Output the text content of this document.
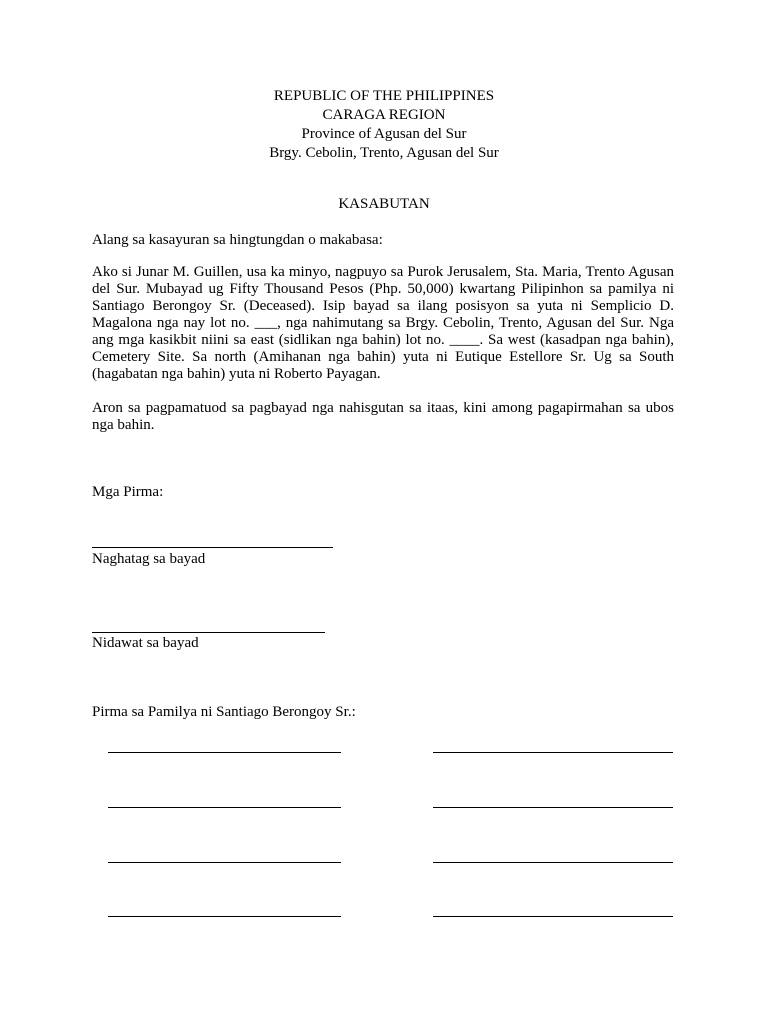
REPUBLIC OF THE PHILIPPINES
CARAGA REGION
Province of Agusan del Sur
Brgy. Cebolin, Trento, Agusan del Sur
KASABUTAN
Alang sa kasayuran sa hingtungdan o makabasa:
Ako si Junar M. Guillen, usa ka minyo, nagpuyo sa Purok Jerusalem, Sta. Maria, Trento Agusan del Sur. Mubayad ug Fifty Thousand Pesos (Php. 50,000) kwartang Pilipinhon sa pamilya ni Santiago Berongoy Sr. (Deceased). Isip bayad sa ilang posisyon sa yuta ni Semplicio D. Magalona nga nay lot no. ___, nga nahimutang sa Brgy. Cebolin, Trento, Agusan del Sur. Nga ang mga kasikbit niini sa east (sidlikan nga bahin) lot no. ____. Sa west (kasadpan nga bahin), Cemetery Site. Sa north (Amihanan nga bahin) yuta ni Eutique Estellore Sr. Ug sa South (hagabatan nga bahin) yuta ni Roberto Payagan.
Aron sa pagpamatuod sa pagbayad nga nahisgutan sa itaas, kini among pagapirmahan sa ubos nga bahin.
Mga Pirma:
Naghatag sa bayad
Nidawat sa bayad
Pirma sa Pamilya ni Santiago Berongoy Sr.:
